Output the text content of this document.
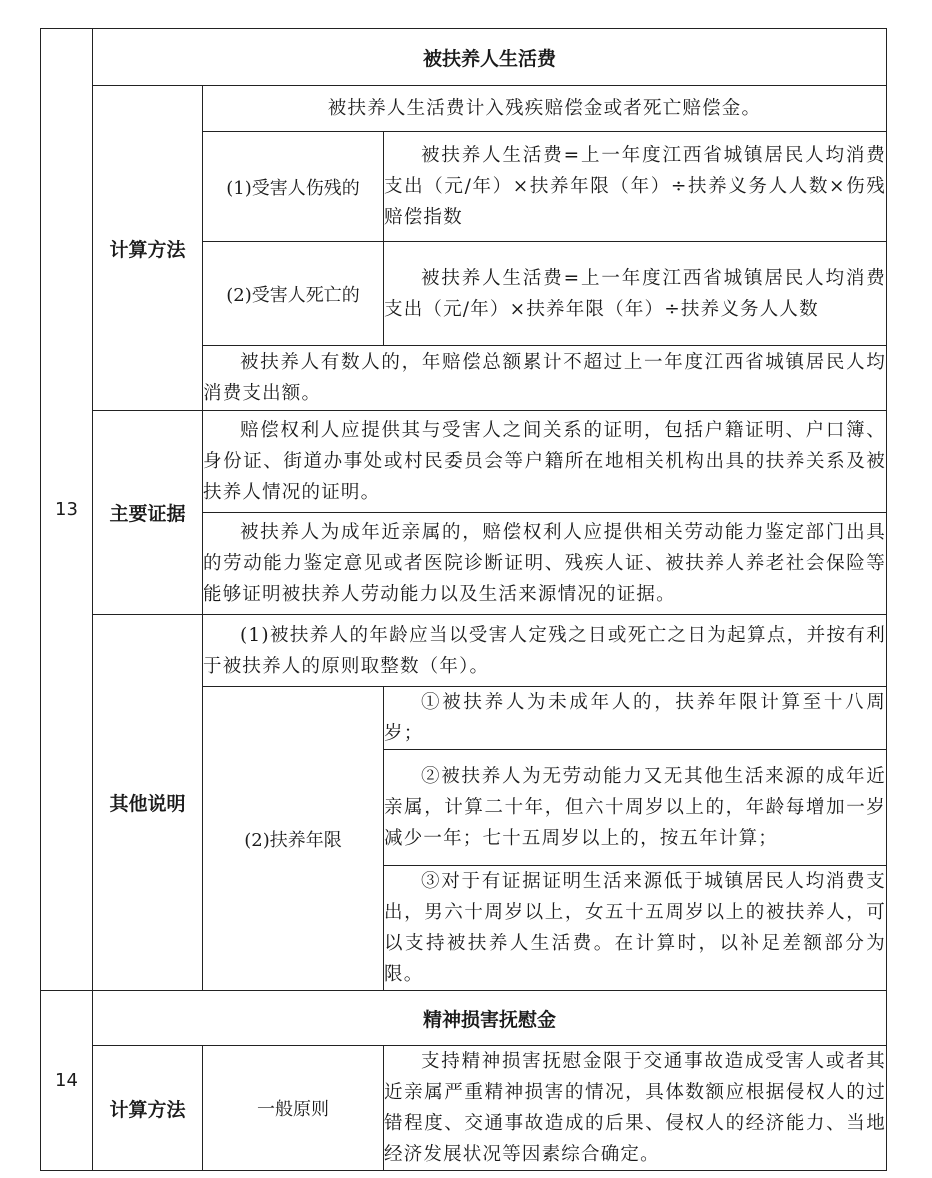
13	被扶养人生活费		
	计算方法	被扶养人生活费计入残疾赔偿金或者死亡赔偿金。	
		(1)受害人伤残的	被扶养人生活费=上一年度江西省城镇居民人均消费支出（元/年）×扶养年限（年）÷扶养义务人人数×伤残赔偿指数
		(2)受害人死亡的	被扶养人生活费=上一年度江西省城镇居民人均消费支出（元/年）×扶养年限（年）÷扶养义务人人数
		被扶养人有数人的，年赔偿总额累计不超过上一年度江西省城镇居民人均消费支出额。	
	主要证据	赔偿权利人应提供其与受害人之间关系的证明，包括户籍证明、户口簿、身份证、街道办事处或村民委员会等户籍所在地相关机构出具的扶养关系及被扶养人情况的证明。	
		被扶养人为成年近亲属的，赔偿权利人应提供相关劳动能力鉴定部门出具的劳动能力鉴定意见或者医院诊断证明、残疾人证、被扶养人养老社会保险等能够证明被扶养人劳动能力以及生活来源情况的证据。	
	其他说明	(1)被扶养人的年龄应当以受害人定残之日或死亡之日为起算点，并按有利于被扶养人的原则取整数（年）。	
		(2)扶养年限	①被扶养人为未成年人的，扶养年限计算至十八周岁；
			②被扶养人为无劳动能力又无其他生活来源的成年近亲属，计算二十年，但六十周岁以上的，年龄每增加一岁减少一年；七十五周岁以上的，按五年计算；
			③对于有证据证明生活来源低于城镇居民人均消费支出，男六十周岁以上，女五十五周岁以上的被扶养人，可以支持被扶养人生活费。在计算时，以补足差额部分为限。
14	精神损害抚慰金		
	计算方法	一般原则	支持精神损害抚慰金限于交通事故造成受害人或者其近亲属严重精神损害的情况，具体数额应根据侵权人的过错程度、交通事故造成的后果、侵权人的经济能力、当地经济发展状况等因素综合确定。
